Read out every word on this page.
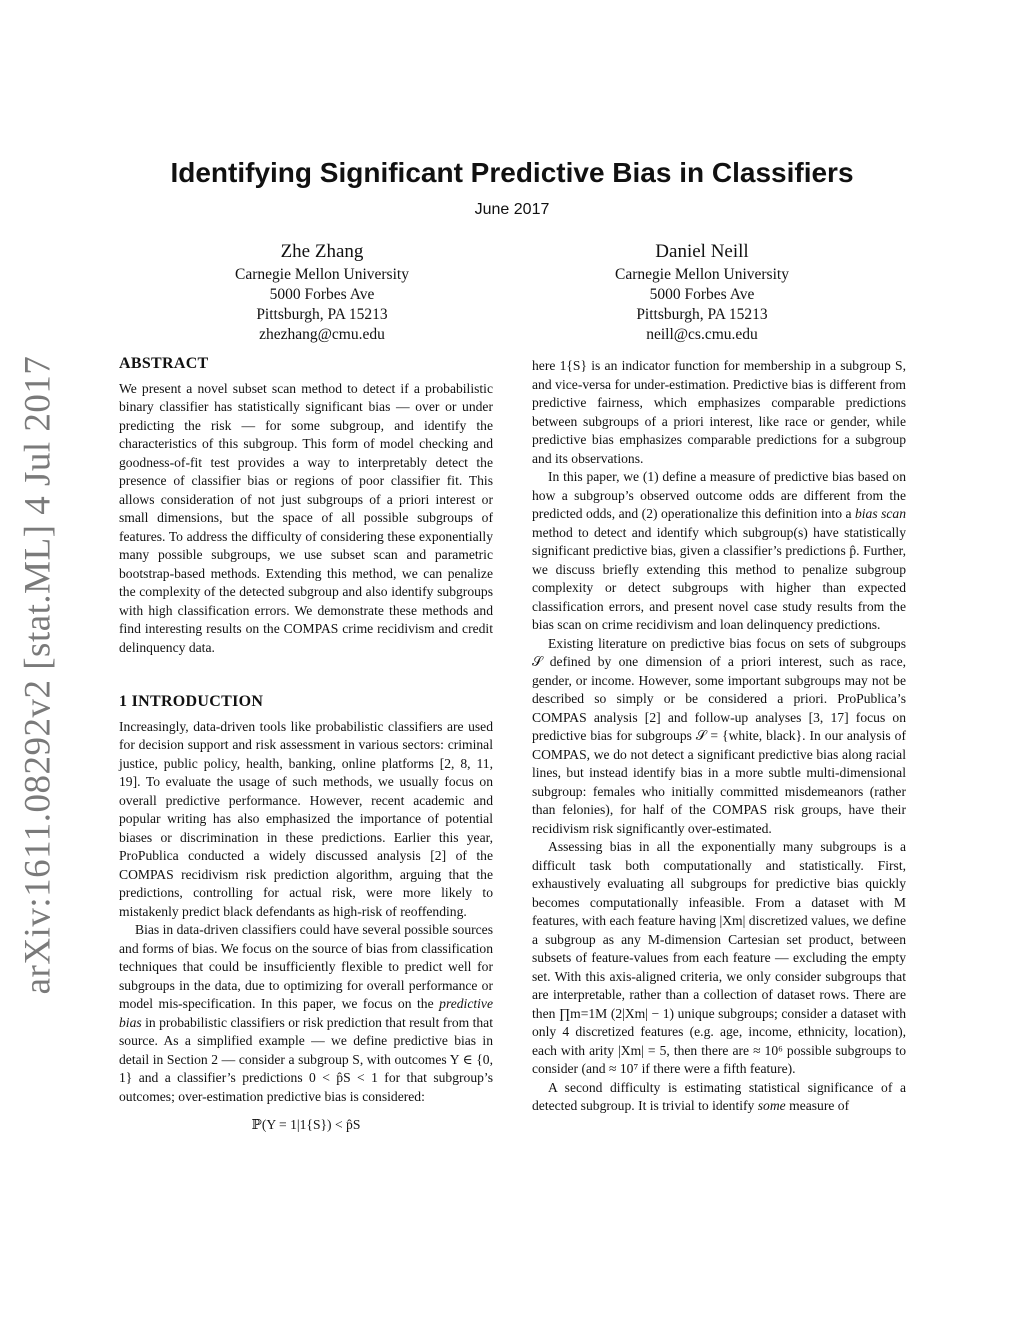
arXiv:1611.08292v2 [stat.ML] 4 Jul 2017
Identifying Significant Predictive Bias in Classifiers
June 2017
Zhe Zhang
Carnegie Mellon University
5000 Forbes Ave
Pittsburgh, PA 15213
zhezhang@cmu.edu
Daniel Neill
Carnegie Mellon University
5000 Forbes Ave
Pittsburgh, PA 15213
neill@cs.cmu.edu
ABSTRACT

We present a novel subset scan method to detect if a probabilistic binary classifier has statistically significant bias — over or under predicting the risk — for some subgroup, and identify the characteristics of this subgroup. This form of model checking and goodness-of-fit test provides a way to interpretably detect the presence of classifier bias or regions of poor classifier fit. This allows consideration of not just subgroups of a priori interest or small dimensions, but the space of all possible subgroups of features. To address the difficulty of considering these exponentially many possible subgroups, we use subset scan and parametric bootstrap-based methods. Extending this method, we can penalize the complexity of the detected subgroup and also identify subgroups with high classification errors. We demonstrate these methods and find interesting results on the COMPAS crime recidivism and credit delinquency data.

1 INTRODUCTION

Increasingly, data-driven tools like probabilistic classifiers are used for decision support and risk assessment in various sectors: criminal justice, public policy, health, banking, online platforms [2, 8, 11, 19]. To evaluate the usage of such methods, we usually focus on overall predictive performance. However, recent academic and popular writing has also emphasized the importance of potential biases or discrimination in these predictions. Earlier this year, ProPublica conducted a widely discussed analysis [2] of the COMPAS recidivism risk prediction algorithm, arguing that the predictions, controlling for actual risk, were more likely to mistakenly predict black defendants as high-risk of reoffending.

Bias in data-driven classifiers could have several possible sources and forms of bias. We focus on the source of bias from classification techniques that could be insufficiently flexible to predict well for subgroups in the data, due to optimizing for overall performance or model mis-specification. In this paper, we focus on the predictive bias in probabilistic classifiers or risk prediction that result from that source. As a simplified example — we define predictive bias in detail in Section 2 — consider a subgroup S, with outcomes Y ∈ {0, 1} and a classifier’s predictions 0 < p̂S < 1 for that subgroup’s outcomes; over-estimation predictive bias is considered:

ℙ(Y = 1|1{S}) < p̂S

here 1{S} is an indicator function for membership in a subgroup S, and vice-versa for under-estimation. Predictive bias is different from predictive fairness, which emphasizes comparable predictions between subgroups of a priori interest, like race or gender, while predictive bias emphasizes comparable predictions for a subgroup and its observations.

In this paper, we (1) define a measure of predictive bias based on how a subgroup’s observed outcome odds are different from the predicted odds, and (2) operationalize this definition into a bias scan method to detect and identify which subgroup(s) have statistically significant predictive bias, given a classifier’s predictions p̂. Further, we discuss briefly extending this method to penalize subgroup complexity or detect subgroups with higher than expected classification errors, and present novel case study results from the bias scan on crime recidivism and loan delinquency predictions.

Existing literature on predictive bias focus on sets of subgroups 𝒮 defined by one dimension of a priori interest, such as race, gender, or income. However, some important subgroups may not be described so simply or be considered a priori. ProPublica’s COMPAS analysis [2] and follow-up analyses [3, 17] focus on predictive bias for subgroups 𝒮 = {white, black}. In our analysis of COMPAS, we do not detect a significant predictive bias along racial lines, but instead identify bias in a more subtle multi-dimensional subgroup: females who initially committed misdemeanors (rather than felonies), for half of the COMPAS risk groups, have their recidivism risk significantly over-estimated.

Assessing bias in all the exponentially many subgroups is a difficult task both computationally and statistically. First, exhaustively evaluating all subgroups for predictive bias quickly becomes computationally infeasible. From a dataset with M features, with each feature having |Xm| discretized values, we define a subgroup as any M-dimension Cartesian set product, between subsets of feature-values from each feature — excluding the empty set. With this axis-aligned criteria, we only consider subgroups that are interpretable, rather than a collection of dataset rows. There are then ∏m=1M (2|Xm| − 1) unique subgroups; consider a dataset with only 4 discretized features (e.g. age, income, ethnicity, location), each with arity |Xm| = 5, then there are ≈ 10⁶ possible subgroups to consider (and ≈ 10⁷ if there were a fifth feature).

A second difficulty is estimating statistical significance of a detected subgroup. It is trivial to identify some measure of
